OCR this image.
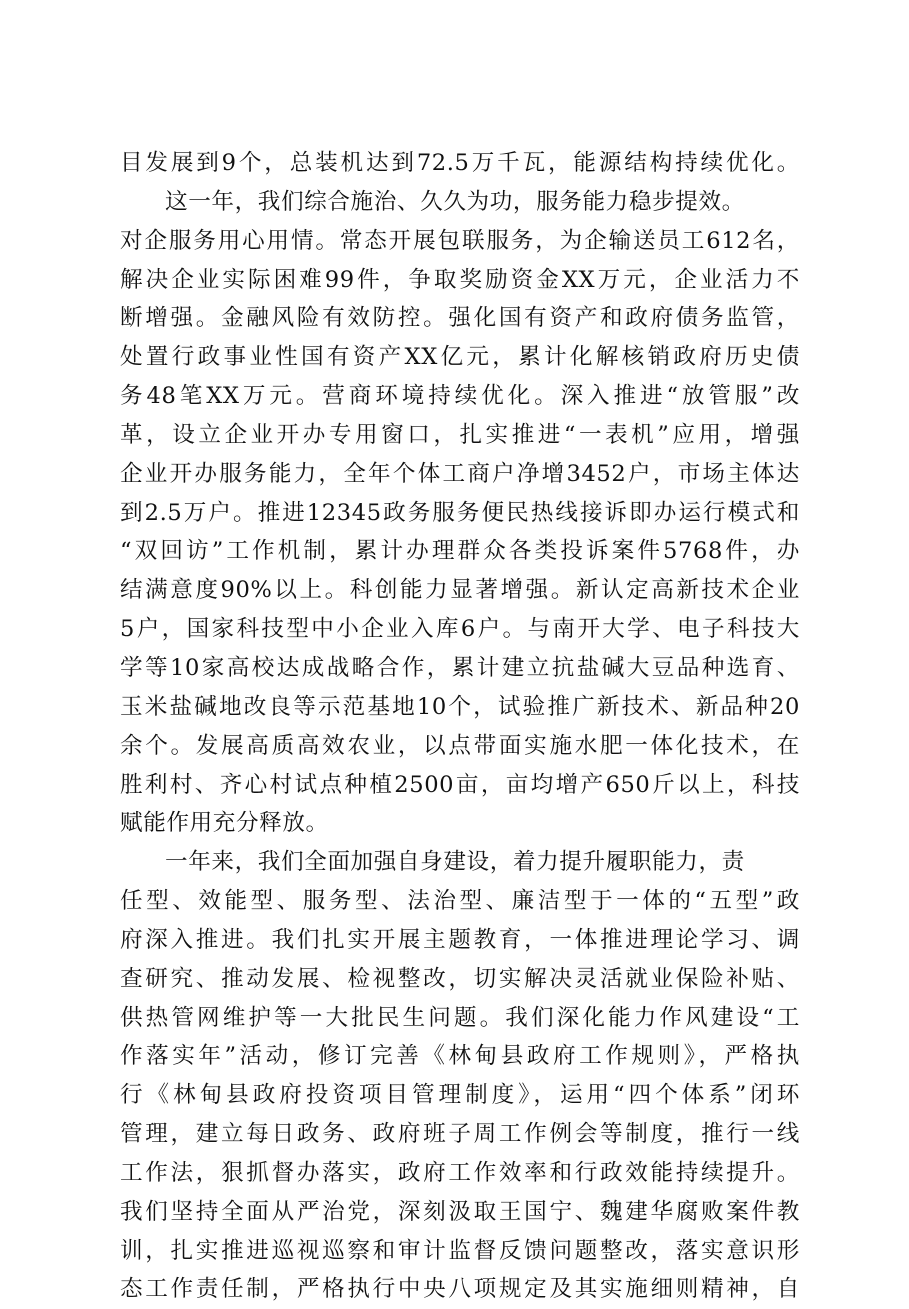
目发展到9个，总装机达到72.5万千瓦，能源结构持续优化。
这一年，我们综合施治、久久为功，服务能力稳步提效。
对企服务用心用情。常态开展包联服务，为企输送员工612名，
解决企业实际困难99件，争取奖励资金XX万元，企业活力不
断增强。金融风险有效防控。强化国有资产和政府债务监管，
处置行政事业性国有资产XX亿元，累计化解核销政府历史债
务48笔XX万元。营商环境持续优化。深入推进“放管服”改
革，设立企业开办专用窗口，扎实推进“一表机”应用，增强
企业开办服务能力，全年个体工商户净增3452户，市场主体达
到2.5万户。推进12345政务服务便民热线接诉即办运行模式和
“双回访”工作机制，累计办理群众各类投诉案件5768件，办
结满意度90%以上。科创能力显著增强。新认定高新技术企业
5户，国家科技型中小企业入库6户。与南开大学、电子科技大
学等10家高校达成战略合作，累计建立抗盐碱大豆品种选育、
玉米盐碱地改良等示范基地10个，试验推广新技术、新品种20
余个。发展高质高效农业，以点带面实施水肥一体化技术，在
胜利村、齐心村试点种植2500亩，亩均增产650斤以上，科技
赋能作用充分释放。
一年来，我们全面加强自身建设，着力提升履职能力，责
任型、效能型、服务型、法治型、廉洁型于一体的“五型”政
府深入推进。我们扎实开展主题教育，一体推进理论学习、调
查研究、推动发展、检视整改，切实解决灵活就业保险补贴、
供热管网维护等一大批民生问题。我们深化能力作风建设“工
作落实年”活动，修订完善《林甸县政府工作规则》，严格执
行《林甸县政府投资项目管理制度》，运用“四个体系”闭环
管理，建立每日政务、政府班子周工作例会等制度，推行一线
工作法，狠抓督办落实，政府工作效率和行政效能持续提升。
我们坚持全面从严治党，深刻汲取王国宁、魏建华腐败案件教
训，扎实推进巡视巡察和审计监督反馈问题整改，落实意识形
态工作责任制，严格执行中央八项规定及其实施细则精神，自
